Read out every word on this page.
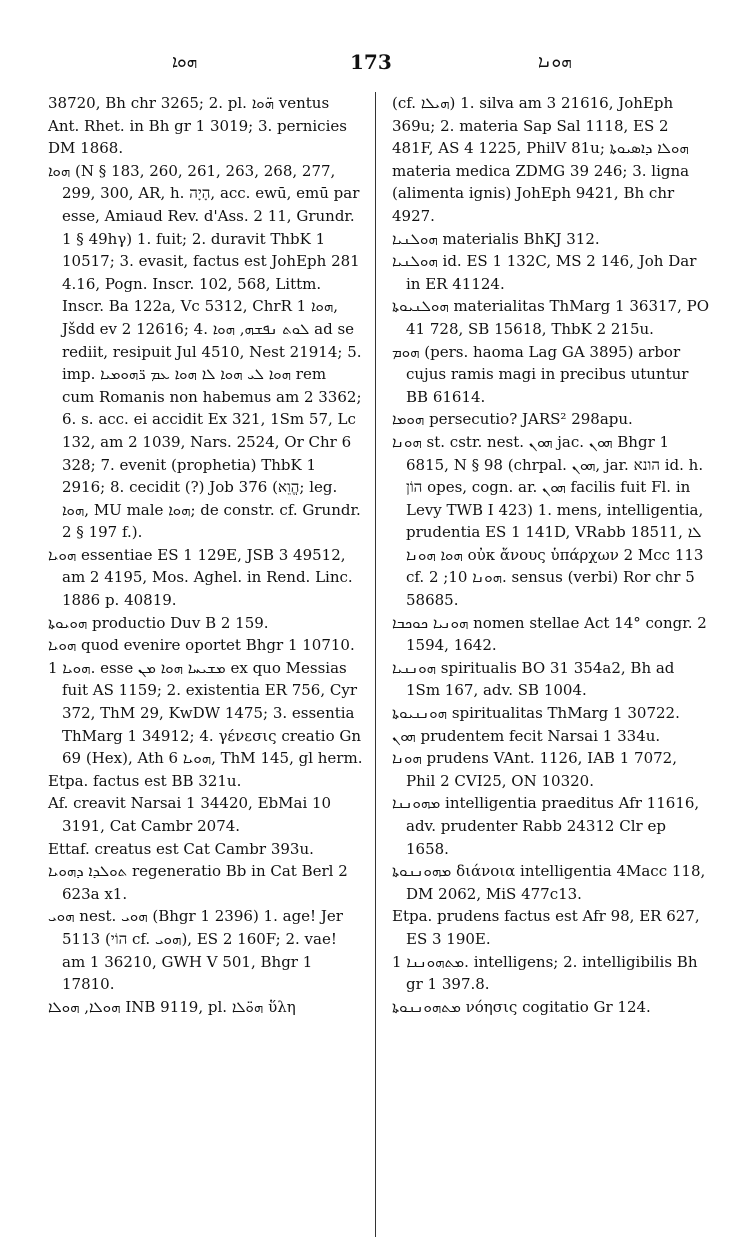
ܗܘܐ	173	ܗܘܢܐ

38720, Bh chr 3265; 2. pl. ܗ̈ܘܐ ventus Ant. Rhet. in Bh gr 1 3019; 3. pernicies DM 1868.

ܗܘܐ (N § 183, 260, 261, 263, 268, 277, 299, 300, AR, h. הָיָה, acc. ewū, emū par esse, Amiaud Rev. d'Ass. 2 11, Grundr. 1 § 49hγ) 1. fuit; 2. duravit ThbK 1 10517; 3. evasit, factus est JohEph 281 4.16, Pogn. Inscr. 102, 568, Littm. Inscr. Ba 122a, Vc 5312, ChrR ܗܘܐ 1, Jšdd ev 2 12616; 4. ܠܘܬ ܢܦܫܗ, ܗܘܐ ad se rediit, resipuit Jul 4510, Nest 21914; 5. imp. ܗܘܐ ܠܝ ܗܘܐ ܠܐ ܗܘܐ ܥܡ ܪ̈ܗܘܡܝܐ rem cum Romanis non habemus am 2 3362; 6. s. acc. ei accidit Ex 321, 1Sm 57, Lc 132, am 2 1039, Nars. 2524, Or Chr 6 328; 7. evenit (prophetia) ThbK 1 2916; 8. cecidit (?) Job 376 (הֱוֵא; leg. ܗܘܐ, MU male ܗܘܐ; de constr. cf. Grundr. 2 § 197 f.).

ܗܘܝܐ essentiae ES 1 129E, JSB 3 49512, am 2 4195, Mos. Aghel. in Rend. Linc. 1886 p. 40819.

ܗܘܝܘܬܐ productio Duv B 2 159.

ܗܘܝܐ quod evenire oportet Bhgr 1 10710.

ܗܘܝܐ 1. esse ܡܫܝܚܐ ܗܘܐ ܡܢ ex quo Messias fuit AS 1159; 2. existentia ER 756, Cyr 372, ThM 29, KwDW 1475; 3. essentia ThMarg 1 34912; 4. γένεσις creatio Gn 69 (Hex), Ath ܗܘܝܐ 6, ThM 145, gl herm.

Etpa. factus est BB 321u.

Af. creavit Narsai 1 34420, EbMai 10 3191, Cat Cambr 2074.

Ettaf. creatus est Cat Cambr 393u.

ܬܘܠܕܐ ܕܗܘܝܐ regeneratio Bb in Cat Berl 2 623a x1.

ܗܘܝ nest. ܗܘܝ (Bhgr 1 2396) 1. age! Jer 5113 (הוֹי cf. ܗܘܝ), ES 2 160F; 2. vae! am 1 36210, GWH V 501, Bhgr 1 17810.

ܗܘܠܐ, ܗܘܠܐ INB 9119, pl. ܗܘ̈ܠܐ ὕλη

(cf. ܗܝܠܐ) 1. silva am 3 21616, JohEph 369u; 2. materia Sap Sal 1118, ES 2 481F, AS 4 1225, PhilV 81u; ܗܘܠܐ ܕܐܣܝܘܬܐ materia medica ZDMG 39 246; 3. ligna (alimenta ignis) JohEph 9421, Bh chr 4927.

ܗܘܠܢܝܐ materialis BhKJ 312.

ܗܘܠܢܝܐ id. ES 1 132C, MS 2 146, Joh Dar in ER 41124.

ܗܘܠܢܝܘܬܐ materialitas ThMarg 1 36317, PO 41 728, SB 15618, ThbK 2 215u.

ܗܘܡ (pers. haoma Lag GA 3895) arbor cujus ramis magi in precibus utuntur BB 61614.

ܗܘܡܐ persecutio? JARS² 298apu.

ܗܘܢܐ st. cstr. nest. ܗܘܢ jac. ܗܘܢ Bhgr 1 6815, N § 98 (chrpal. ܗܘܢ, jar. הונא id. h. הוֹן opes, cogn. ar. ܗܘܢ facilis fuit Fl. in Levy TWB I 423) 1. mens, intelligentia, prudentia ES 1 141D, VRabb 18511, ܠܐ ܗܘܐ ܗܘܢܐ οὐκ ἄνους ὑπάρχων 2 Mcc 113 cf. ܗܘܢܐ 10; 2. sensus (verbi) Ror chr 5 58685.

ܗܘܢܝܐ ܟܘܟܒܐ nomen stellae Act 14° congr. 2 1594, 1642.

ܗܘܢܢܝܐ spiritualis BO 31 354a2, Bh ad 1Sm 167, adv. SB 1004.

ܗܘܢܢܝܘܬܐ spiritualitas ThMarg 1 30722.

ܗܘܢ prudentem fecit Narsai 1 334u.

ܗܘܢܐ prudens VAnt. 1126, IAB 1 7072, Phil 2 CVI25, ON 10320.

ܡܗܘܢܢܐ intelligentia praeditus Afr 11616, adv. prudenter Rabb 24312 Clr ep 1658.

ܡܗܘܢܢܘܬܐ διάνοια intelligentia 4Macc 118, DM 2062, MiS 477c13.

Etpa. prudens factus est Afr 98, ER 627, ES 3 190E.

ܡܬܗܘܢܢܐ 1. intelligens; 2. intelligibilis Bh gr 1 397.8.

ܡܬܗܘܢܢܘܬܐ νόησις cogitatio Gr 124.
